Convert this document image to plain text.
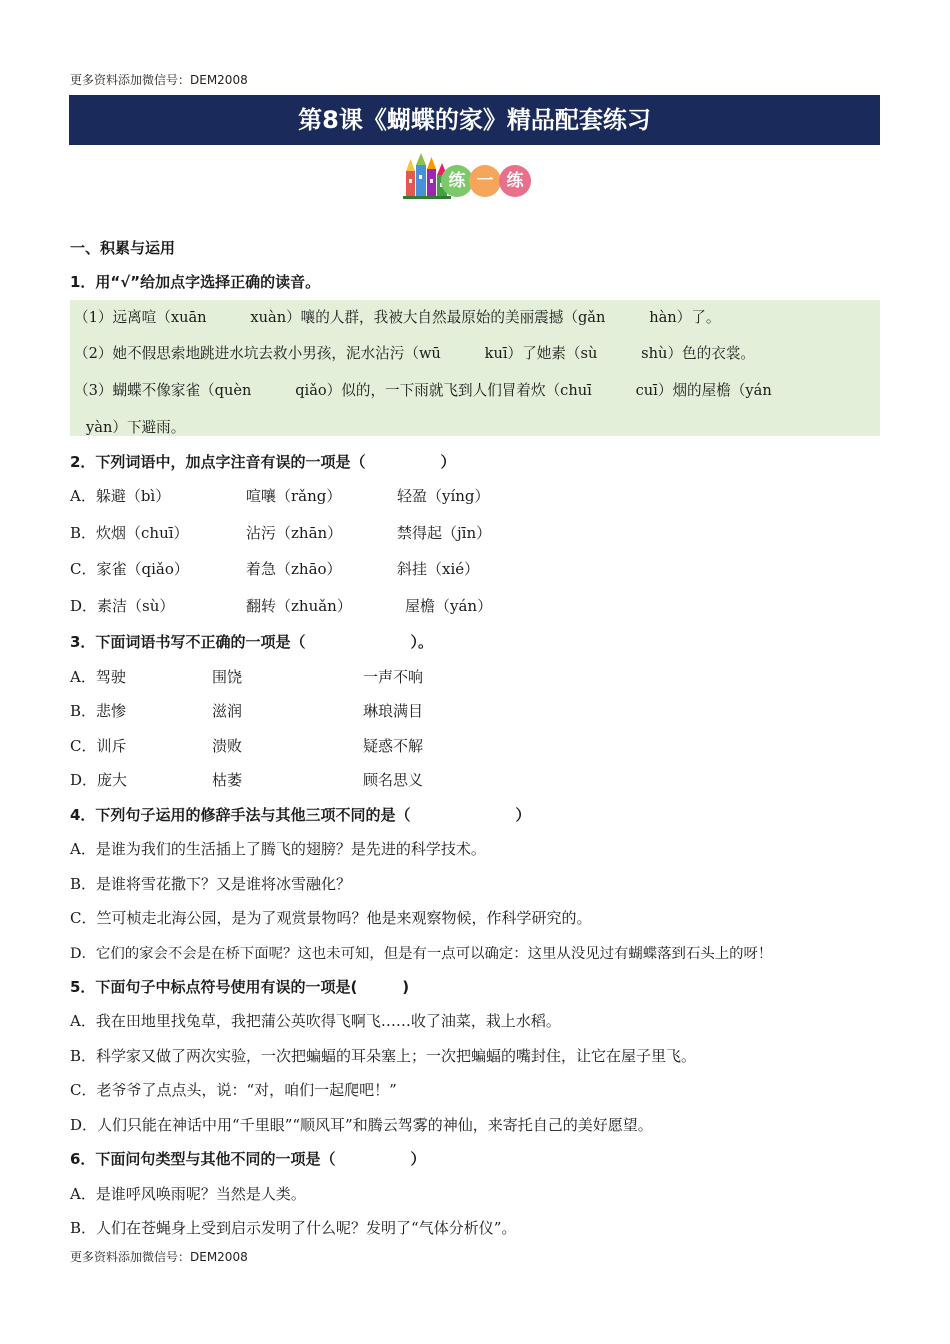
更多资料添加微信号：DEM2008
第8课《蝴蝶的家》精品配套练习
练 一 练
一、积累与运用
1．用“√”给加点字选择正确的读音。
（1）远离喧（xuān　　　xuàn）嚷的人群，我被大自然最原始的美丽震撼（gǎn　　　hàn）了。
（2）她不假思索地跳进水坑去救小男孩，泥水沾污（wū　　　kuī）了她素（sù　　　shù）色的衣裳。
（3）蝴蝶不像家雀（quèn　　　qiǎo）似的，一下雨就飞到人们冒着炊（chuī　　　cuī）烟的屋檐（yán
yàn）下避雨。
2．下列词语中，加点字注音有误的一项是（　　　　　）
A．躲避（bì）	喧嚷（rǎng）	轻盈（yíng）
B．炊烟（chuī）	沾污（zhān）	禁得起（jīn）
C．家雀（qiǎo）	着急（zhāo）	斜挂（xié）
D．素洁（sù）	翻转（zhuǎn）	屋檐（yán）
3．下面词语书写不正确的一项是（　　　　　　　）。
A．驾驶	围饶	一声不响
B．悲惨	滋润	琳琅满目
C．训斥	溃败	疑惑不解
D．庞大	枯萎	顾名思义
4．下列句子运用的修辞手法与其他三项不同的是（　　　　　　　）
A．是谁为我们的生活插上了腾飞的翅膀？是先进的科学技术。
B．是谁将雪花撒下？又是谁将冰雪融化？
C．竺可桢走北海公园，是为了观赏景物吗？他是来观察物候，作科学研究的。
D．它们的家会不会是在桥下面呢？这也未可知，但是有一点可以确定：这里从没见过有蝴蝶落到石头上的呀！
5．下面句子中标点符号使用有误的一项是(　　　)
A．我在田地里找兔草，我把蒲公英吹得飞啊飞……收了油菜，栽上水稻。
B．科学家又做了两次实验，一次把蝙蝠的耳朵塞上；一次把蝙蝠的嘴封住，让它在屋子里飞。
C．老爷爷了点点头，说：“对，咱们一起爬吧！”
D．人们只能在神话中用“千里眼”“顺风耳”和腾云驾雾的神仙，来寄托自己的美好愿望。
6．下面问句类型与其他不同的一项是（　　　　　）
A．是谁呼风唤雨呢？当然是人类。
B．人们在苍蝇身上受到启示发明了什么呢？发明了“气体分析仪”。
更多资料添加微信号：DEM2008
